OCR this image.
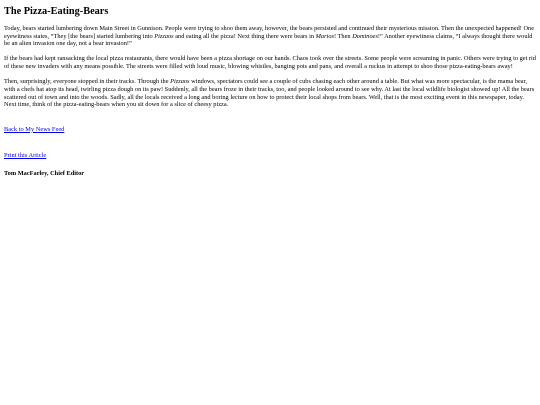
The Pizza-Eating-Bears

Today, bears started lumbering down Main Street in Gunnison. People were trying to shoo them away, however, the bears persisted and continued their mysterious mission. Then the unexpected happened! One eyewitness states, “They [the bears] started lumbering into Pizzaos and eating all the pizza! Next thing there were bears in Marios! Then Dominoes!” Another eyewitness claims, “I always thought there would be an alien invasion one day, not a bear invasion!”

If the bears had kept ransacking the local pizza restaurants, there would have been a pizza shortage on our hands. Chaos took over the streets. Some people were screaming in panic. Others were trying to get rid of these new invaders with any means possible. The streets were filled with loud music, blowing whistles, banging pots and pans, and overall a ruckus in attempt to shoo those pizza-eating-bears away!

Then, surprisingly, everyone stopped in their tracks. Through the Pizzaos windows, spectators could see a couple of cubs chasing each other around a table. But what was more spectacular, is the mama bear, with a chefs hat atop its head, twirling pizza dough on its paw! Suddenly, all the bears froze in their tracks, too, and people looked around to see why. At last the local wildlife biologist showed up! All the bears scattered out of town and into the woods. Sadly, all the locals received a long and boring lecture on how to protect their local shops from bears. Well, that is the most exciting event in this newspaper, today. Next time, think of the pizza-eating-bears when you sit down for a slice of cheesy pizza.

Back to My News Feed
Print this Article

Tom MacFarley, Chief Editor
